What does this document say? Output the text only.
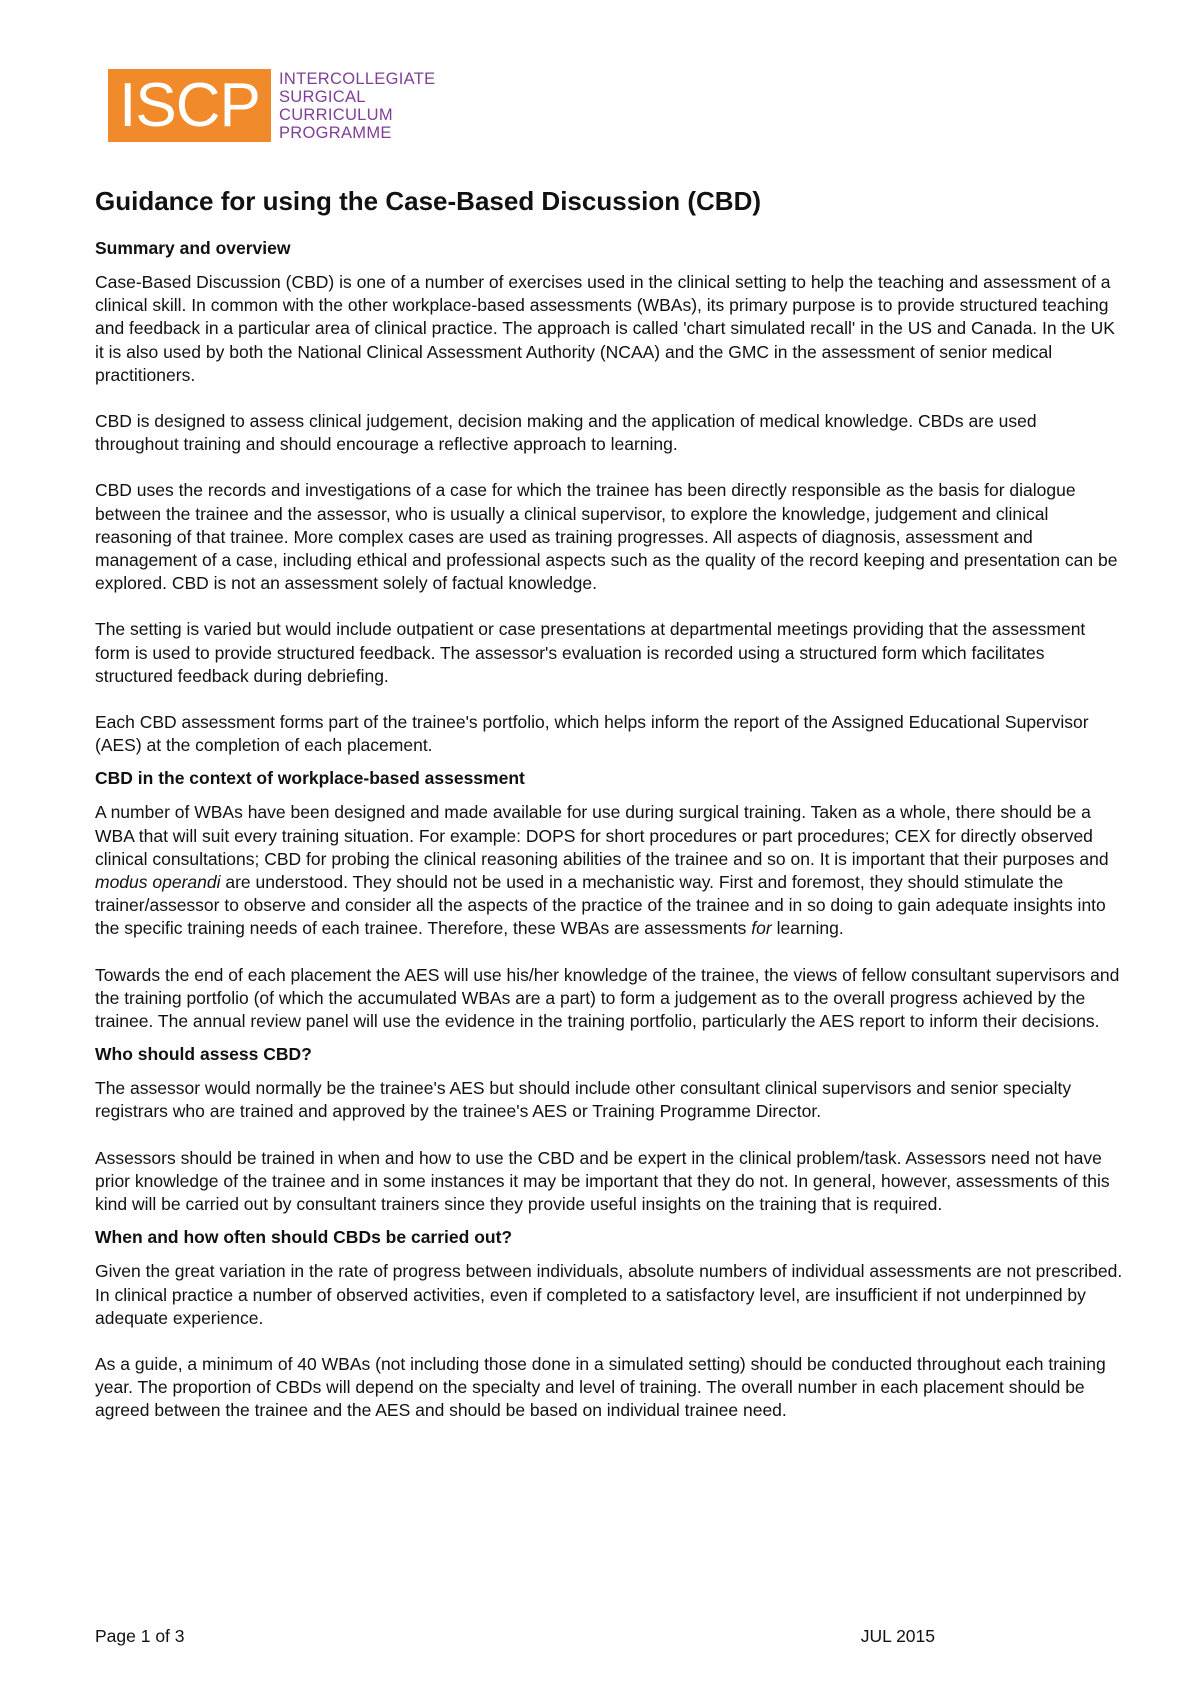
ISCP	INTERCOLLEGIATE
SURGICAL
CURRICULUM
PROGRAMME
Guidance for using the Case-Based Discussion (CBD)
Summary and overview

Case-Based Discussion (CBD) is one of a number of exercises used in the clinical setting to help the teaching and assessment of a clinical skill. In common with the other workplace-based assessments (WBAs), its primary purpose is to provide structured teaching and feedback in a particular area of clinical practice. The approach is called 'chart simulated recall' in the US and Canada. In the UK it is also used by both the National Clinical Assessment Authority (NCAA) and the GMC in the assessment of senior medical practitioners.

CBD is designed to assess clinical judgement, decision making and the application of medical knowledge. CBDs are used throughout training and should encourage a reflective approach to learning.

CBD uses the records and investigations of a case for which the trainee has been directly responsible as the basis for dialogue between the trainee and the assessor, who is usually a clinical supervisor, to explore the knowledge, judgement and clinical reasoning of that trainee. More complex cases are used as training progresses. All aspects of diagnosis, assessment and management of a case, including ethical and professional aspects such as the quality of the record keeping and presentation can be explored. CBD is not an assessment solely of factual knowledge.

The setting is varied but would include outpatient or case presentations at departmental meetings providing that the assessment form is used to provide structured feedback. The assessor's evaluation is recorded using a structured form which facilitates structured feedback during debriefing.

Each CBD assessment forms part of the trainee's portfolio, which helps inform the report of the Assigned Educational Supervisor (AES) at the completion of each placement.

CBD in the context of workplace-based assessment

A number of WBAs have been designed and made available for use during surgical training. Taken as a whole, there should be a WBA that will suit every training situation. For example: DOPS for short procedures or part procedures; CEX for directly observed clinical consultations; CBD for probing the clinical reasoning abilities of the trainee and so on. It is important that their purposes and modus operandi are understood. They should not be used in a mechanistic way. First and foremost, they should stimulate the trainer/assessor to observe and consider all the aspects of the practice of the trainee and in so doing to gain adequate insights into the specific training needs of each trainee. Therefore, these WBAs are assessments for learning.

Towards the end of each placement the AES will use his/her knowledge of the trainee, the views of fellow consultant supervisors and the training portfolio (of which the accumulated WBAs are a part) to form a judgement as to the overall progress achieved by the trainee. The annual review panel will use the evidence in the training portfolio, particularly the AES report to inform their decisions.

Who should assess CBD?

The assessor would normally be the trainee's AES but should include other consultant clinical supervisors and senior specialty registrars who are trained and approved by the trainee's AES or Training Programme Director.

Assessors should be trained in when and how to use the CBD and be expert in the clinical problem/task. Assessors need not have prior knowledge of the trainee and in some instances it may be important that they do not. In general, however, assessments of this kind will be carried out by consultant trainers since they provide useful insights on the training that is required.

When and how often should CBDs be carried out?

Given the great variation in the rate of progress between individuals, absolute numbers of individual assessments are not prescribed. In clinical practice a number of observed activities, even if completed to a satisfactory level, are insufficient if not underpinned by adequate experience.

As a guide, a minimum of 40 WBAs (not including those done in a simulated setting) should be conducted throughout each training year. The proportion of CBDs will depend on the specialty and level of training. The overall number in each placement should be agreed between the trainee and the AES and should be based on individual trainee need.

Page 1 of 3	JUL 2015
